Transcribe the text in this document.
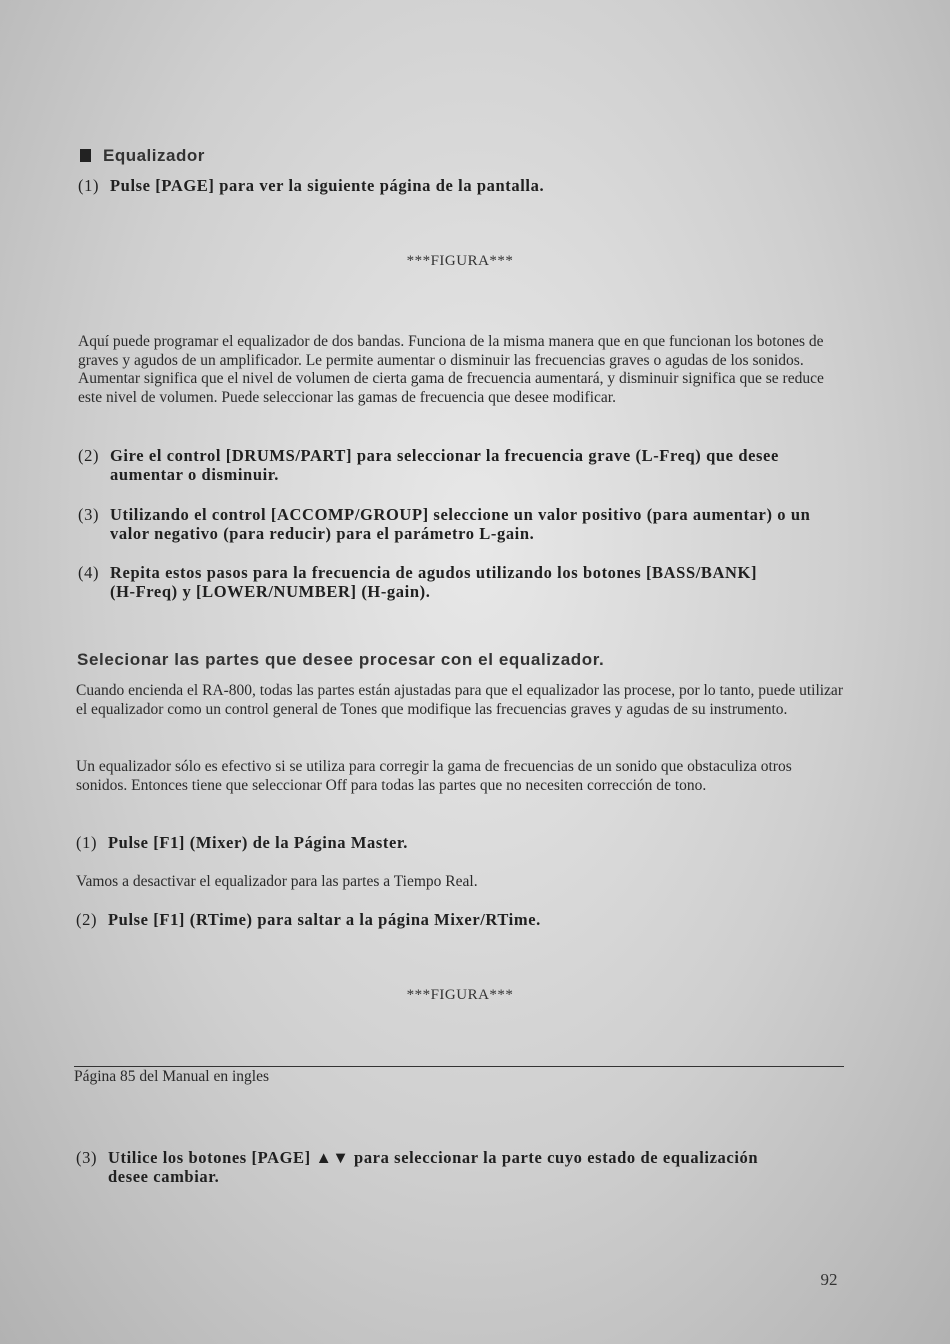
Equalizador
(1) Pulse [PAGE] para ver la siguiente página de la pantalla.
***FIGURA***
Aquí puede programar el equalizador de dos bandas. Funciona de la misma manera que en que funcionan los botones de graves y agudos de un amplificador. Le permite aumentar o disminuir las frecuencias graves o agudas de los sonidos. Aumentar significa que el nivel de volumen de cierta gama de frecuencia aumentará, y disminuir significa que se reduce este nivel de volumen. Puede seleccionar las gamas de frecuencia que desee modificar.
(2) Gire el control [DRUMS/PART] para seleccionar la frecuencia grave (L-Freq) que desee aumentar o disminuir.
(3) Utilizando el control [ACCOMP/GROUP] seleccione un valor positivo (para aumentar) o un valor negativo (para reducir) para el parámetro L-gain.
(4) Repita estos pasos para la frecuencia de agudos utilizando los botones [BASS/BANK] (H-Freq) y [LOWER/NUMBER] (H-gain).
Selecionar las partes que desee procesar con el equalizador.
Cuando encienda el RA-800, todas las partes están ajustadas para que el equalizador las procese, por lo tanto, puede utilizar el equalizador como un control general de Tones que modifique las frecuencias graves y agudas de su instrumento.
Un equalizador sólo es efectivo si se utiliza para corregir la gama de frecuencias de un sonido que obstaculiza otros sonidos. Entonces tiene que seleccionar Off para todas las partes que no necesiten corrección de tono.
(1) Pulse [F1] (Mixer) de la Página Master.
Vamos a desactivar el equalizador para las partes a Tiempo Real.
(2) Pulse [F1] (RTime) para saltar a la página Mixer/RTime.
***FIGURA***
Página 85 del Manual en ingles
(3) Utilice los botones [PAGE] ▲▼ para seleccionar la parte cuyo estado de equalización desee cambiar.
92
